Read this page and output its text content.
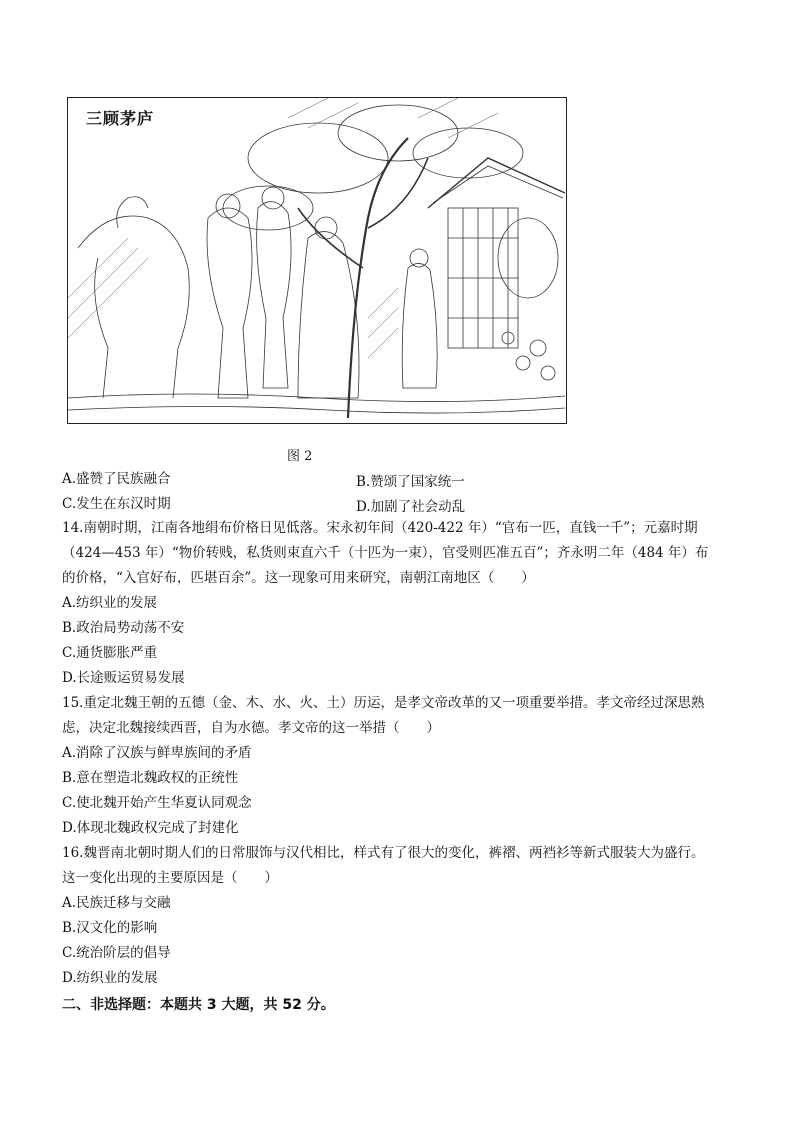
三顾茅庐
图 2
A.盛赞了民族融合	B.赞颂了国家统一
C.发生在东汉时期	D.加剧了社会动乱
14.南朝时期，江南各地绢布价格日见低落。宋永初年间（420-422 年）“官布一匹，直钱一千”；元嘉时期
（424—453 年）“物价转贱，私货则束直六千（十匹为一束），官受则匹准五百”；齐永明二年（484 年）布
的价格，“入官好布，匹堪百余”。这一现象可用来研究，南朝江南地区（　　）
A.纺织业的发展
B.政治局势动荡不安
C.通货膨胀严重
D.长途贩运贸易发展
15.重定北魏王朝的五德（金、木、水、火、土）历运，是孝文帝改革的又一项重要举措。孝文帝经过深思熟
虑，决定北魏接续西晋，自为水德。孝文帝的这一举措（　　）
A.消除了汉族与鲜卑族间的矛盾
B.意在塑造北魏政权的正统性
C.使北魏开始产生华夏认同观念
D.体现北魏政权完成了封建化
16.魏晋南北朝时期人们的日常服饰与汉代相比，样式有了很大的变化，裤褶、两裆衫等新式服装大为盛行。
这一变化出现的主要原因是（　　）
A.民族迁移与交融
B.汉文化的影响
C.统治阶层的倡导
D.纺织业的发展
二、非选择题：本题共 3 大题，共 52 分。
